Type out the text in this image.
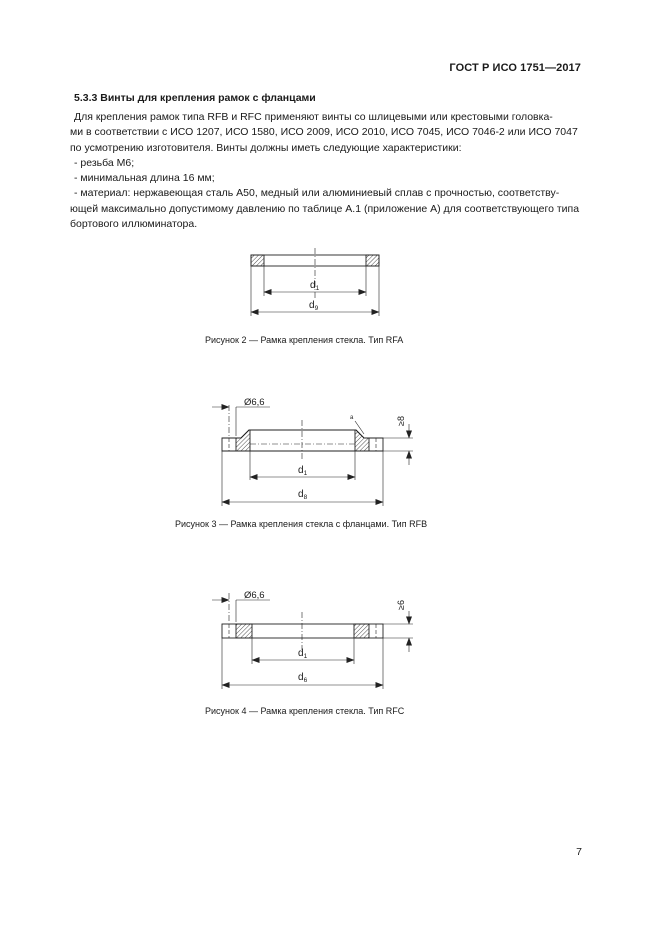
ГОСТ Р ИСО 1751—2017
5.3.3 Винты для крепления рамок с фланцами

Для крепления рамок типа RFB и RFC применяют винты со шлицевыми или крестовыми головка-

ми в соответствии с ИСО 1207, ИСО 1580, ИСО 2009, ИСО 2010, ИСО 7045, ИСО 7046-2 или ИСО 7047

по усмотрению изготовителя. Винты должны иметь следующие характеристики:

- резьба М6;

- минимальная длина 16 мм;

- материал: нержавеющая сталь А50, медный или алюминиевый сплав с прочностью, соответству-

ющей максимально допустимому давлению по таблице А.1 (приложение А) для соответствующего типа

бортового иллюминатора.

$d_1$
$d_9$
Ø6,6
a	≥8
$d_1$
$d_8$
Ø6,6
≥6
$d_1$
$d_6$
Рисунок 2 — Рамка крепления стекла. Тип RFA
Рисунок 3 — Рамка крепления стекла с фланцами. Тип RFB
Рисунок 4 — Рамка крепления стекла. Тип RFC
7
